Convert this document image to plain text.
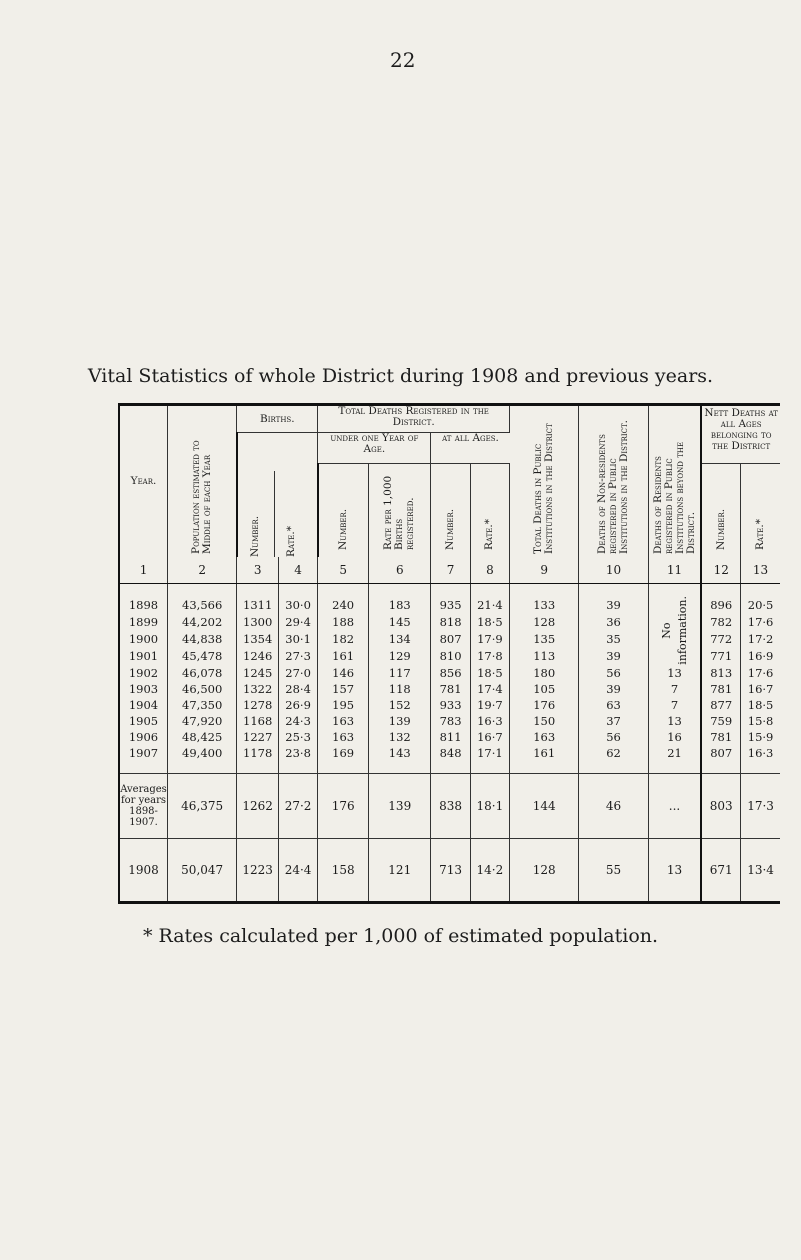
22
Vital Statistics of whole District during 1908 and previous years.
Year.	Population estimated to Middle of each Year	Births.		Total Deaths Registered in the District.				Total Deaths in Public Institutions in the District	Deaths of Non-residents registered in Public Institutions in the District.	Deaths of Residents registered in Public Institutions beyond the District.	Nett Deaths at all Ages belonging to the District	

		Number. Rate.*		under one Year of Age.		at all Ages.						

				Number.	Rate per 1,000 Births registered.	Number.	Rate.*				Number.	Rate.*

1	2	3	4	5	6	7	8	9	10	11	12	13

1898	43,566	1311	30·0	240	183	935	21·4	133	39	No information.	896	20·5
1899	44,202	1300	29·4	188	145	818	18·5	128	36		782	17·6
1900	44,838	1354	30·1	182	134	807	17·9	135	35		772	17·2
1901	45,478	1246	27·3	161	129	810	17·8	113	39		771	16·9
1902	46,078	1245	27·0	146	117	856	18·5	180	56	13	813	17·6
1903	46,500	1322	28·4	157	118	781	17·4	105	39	7	781	16·7
1904	47,350	1278	26·9	195	152	933	19·7	176	63	7	877	18·5
1905	47,920	1168	24·3	163	139	783	16·3	150	37	13	759	15·8
1906	48,425	1227	25·3	163	132	811	16·7	163	56	16	781	15·9
1907	49,400	1178	23·8	169	143	848	17·1	161	62	21	807	16·3

Averages for years 1898-1907.	46,375	1262	27·2	176	139	838	18·1	144	46	...	803	17·3
1908	50,047	1223	24·4	158	121	713	14·2	128	55	13	671	13·4
* Rates calculated per 1,000 of estimated population.
